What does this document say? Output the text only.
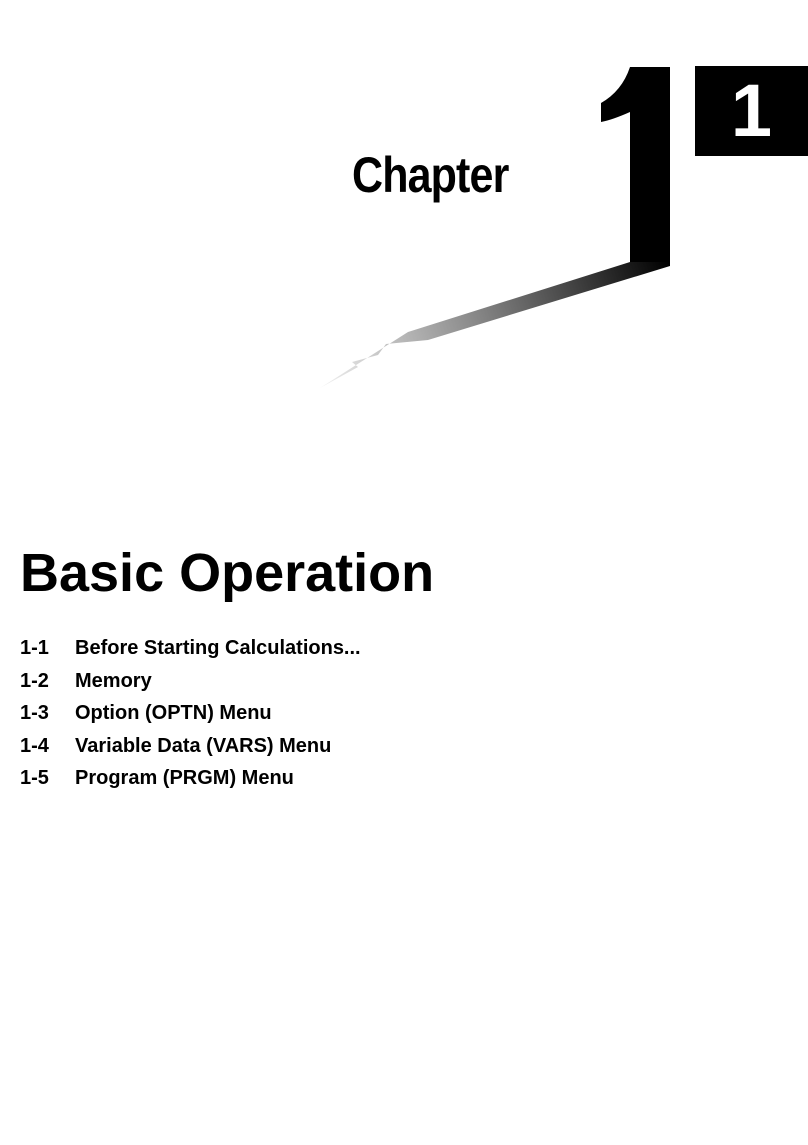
Chapter
1
Basic Operation
1-1 Before Starting Calculations...
1-2 Memory
1-3 Option (OPTN) Menu
1-4 Variable Data (VARS) Menu
1-5 Program (PRGM) Menu
